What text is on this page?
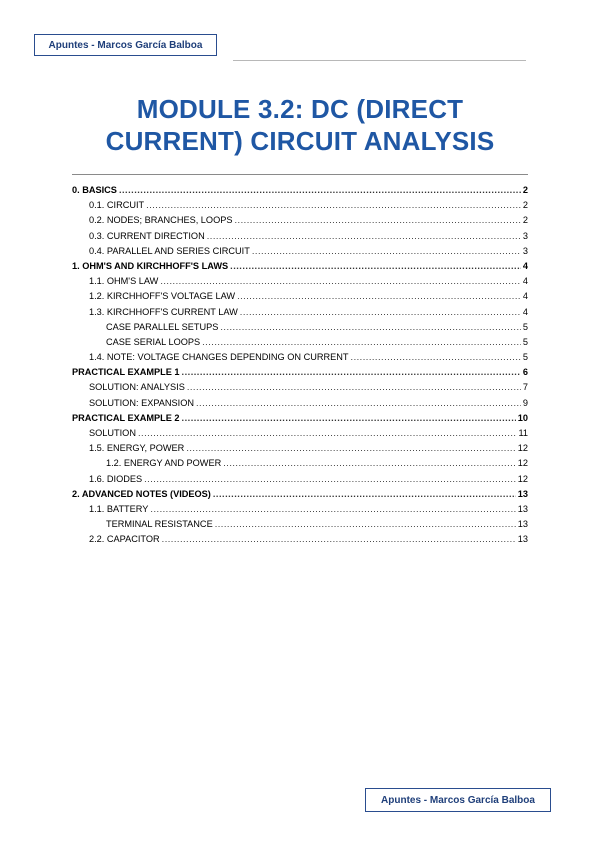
Apuntes - Marcos García Balboa
MODULE 3.2: DC (DIRECT
CURRENT) CIRCUIT ANALYSIS
0. BASICS .....	2
0.1. CIRCUIT .....	2
0.2. NODES; BRANCHES, LOOPS .....	2
0.3. CURRENT DIRECTION .....	3
0.4. PARALLEL AND SERIES CIRCUIT .....	3
1. OHM'S AND KIRCHHOFF'S LAWS .....	4
1.1. OHM'S LAW .....	4
1.2. KIRCHHOFF'S VOLTAGE LAW .....	4
1.3. KIRCHHOFF'S CURRENT LAW .....	4
CASE PARALLEL SETUPS .....	5
CASE SERIAL LOOPS .....	5
1.4. NOTE: VOLTAGE CHANGES DEPENDING ON CURRENT .....	5
PRACTICAL EXAMPLE 1 .....	6
SOLUTION: ANALYSIS .....	7
SOLUTION: EXPANSION .....	9
PRACTICAL EXAMPLE 2 .....	10
SOLUTION .....	11
1.5. ENERGY, POWER .....	12
1.2. ENERGY AND POWER .....	12
1.6. DIODES .....	12
2. ADVANCED NOTES (VIDEOS) .....	13
1.1. BATTERY .....	13
TERMINAL RESISTANCE .....	13
2.2. CAPACITOR .....	13
Apuntes - Marcos García Balboa
